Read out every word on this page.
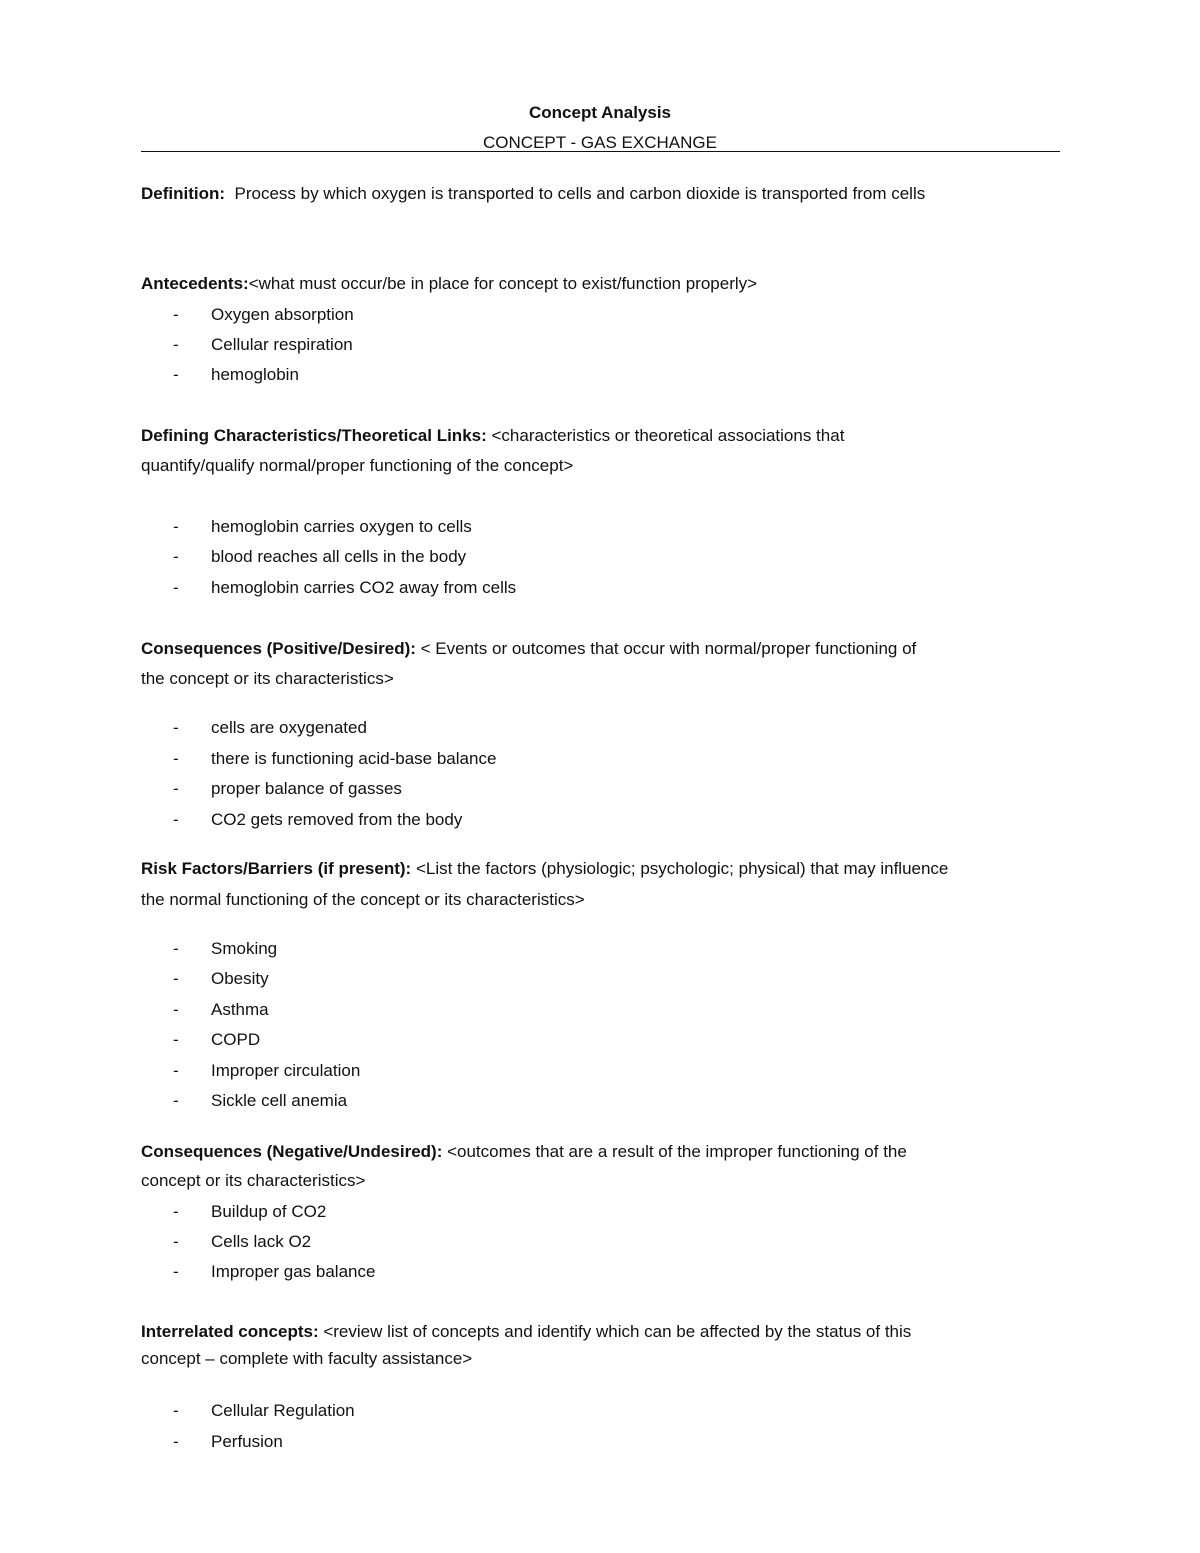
Concept Analysis
CONCEPT - GAS EXCHANGE
Definition: Process by which oxygen is transported to cells and carbon dioxide is transported from cells
Antecedents:<what must occur/be in place for concept to exist/function properly>
- Oxygen absorption
- Cellular respiration
- hemoglobin
Defining Characteristics/Theoretical Links: <characteristics or theoretical associations that
quantify/qualify normal/proper functioning of the concept>
- hemoglobin carries oxygen to cells
- blood reaches all cells in the body
- hemoglobin carries CO2 away from cells
Consequences (Positive/Desired): < Events or outcomes that occur with normal/proper functioning of
the concept or its characteristics>
- cells are oxygenated
- there is functioning acid-base balance
- proper balance of gasses
- CO2 gets removed from the body
Risk Factors/Barriers (if present): <List the factors (physiologic; psychologic; physical) that may influence
the normal functioning of the concept or its characteristics>
- Smoking
- Obesity
- Asthma
- COPD
- Improper circulation
- Sickle cell anemia
Consequences (Negative/Undesired): <outcomes that are a result of the improper functioning of the
concept or its characteristics>
- Buildup of CO2
- Cells lack O2
- Improper gas balance
Interrelated concepts: <review list of concepts and identify which can be affected by the status of this
concept – complete with faculty assistance>
- Cellular Regulation
- Perfusion
